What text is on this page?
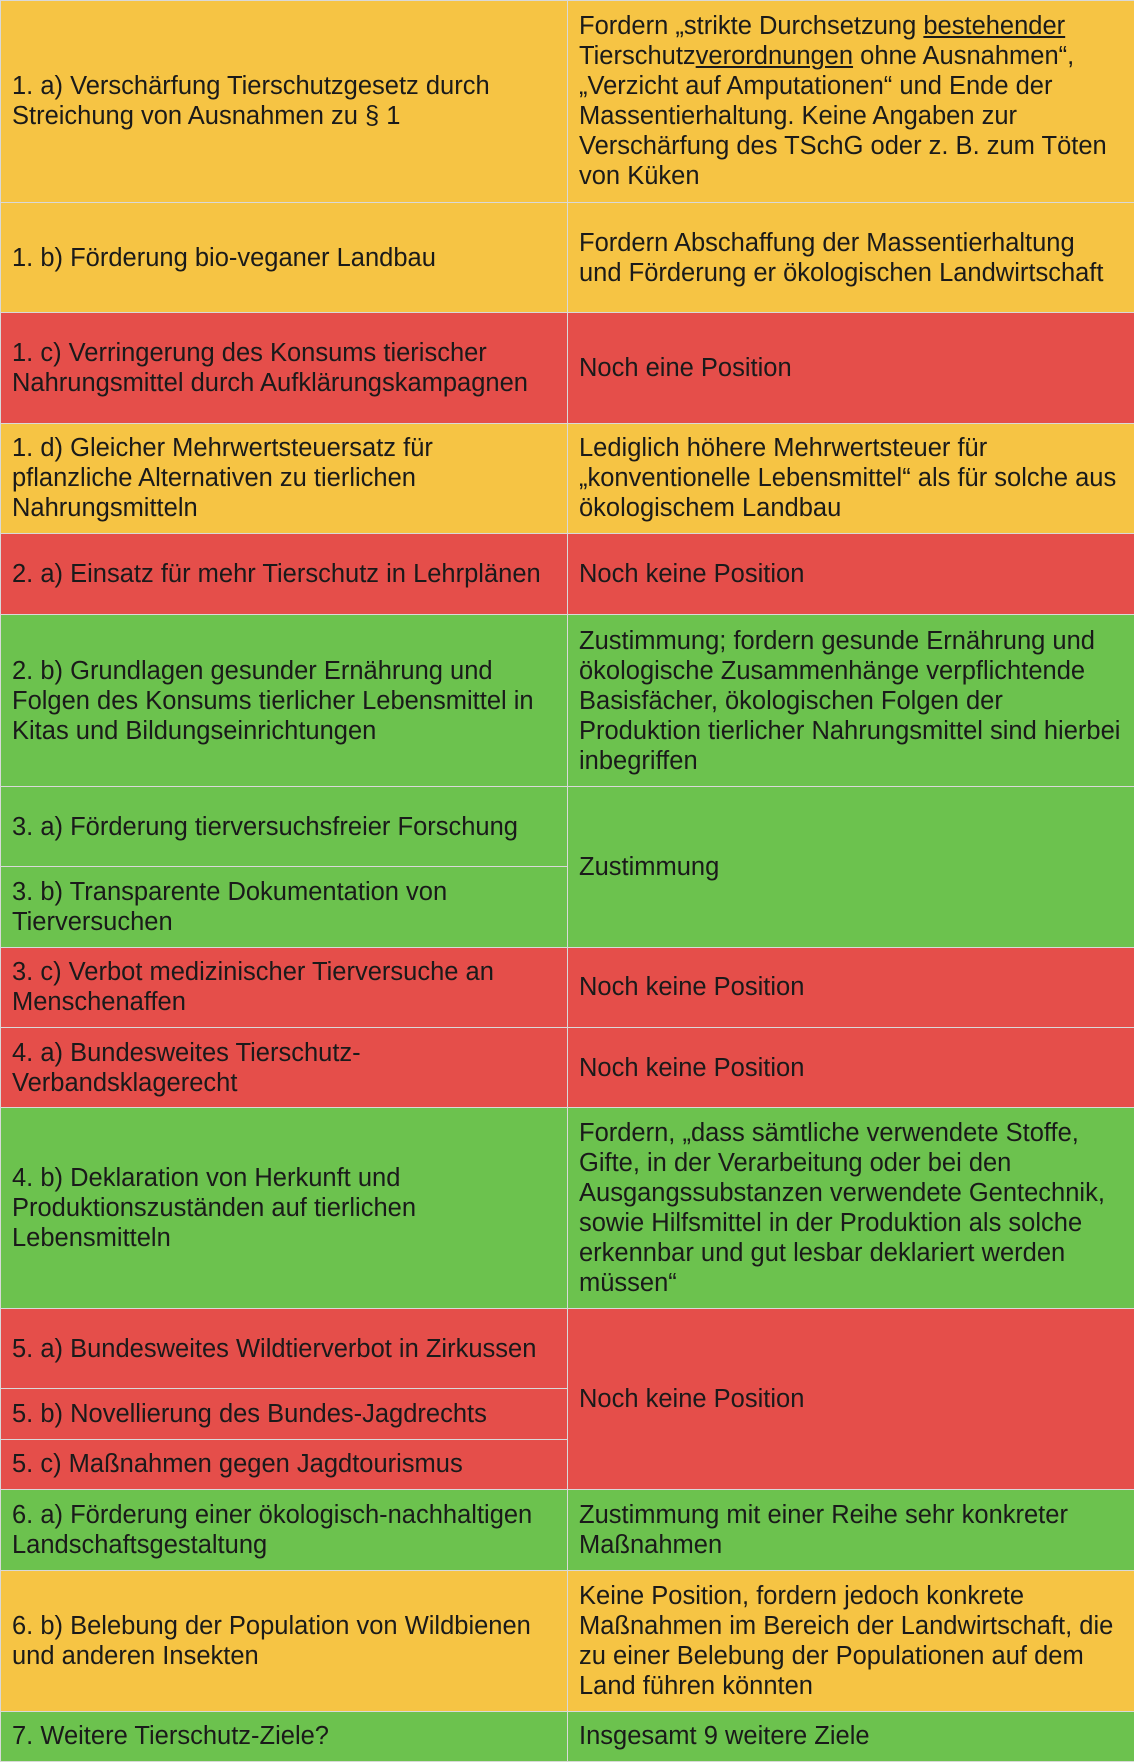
1. a) Verschärfung Tierschutzgesetz durch Streichung von Ausnahmen zu § 1	Fordern „strikte Durchsetzung bestehender Tierschutzverordnungen ohne Ausnahmen“, „Verzicht auf Amputationen“ und Ende der Massentierhaltung. Keine Angaben zur Verschärfung des TSchG oder z. B. zum Töten von Küken
1. b) Förderung bio-veganer Landbau	Fordern Abschaffung der Massentierhaltung und Förderung er ökologischen Landwirtschaft
1. c) Verringerung des Konsums tierischer Nahrungsmittel durch Aufklärungskampagnen	Noch eine Position
1. d) Gleicher Mehrwertsteuersatz für pflanzliche Alternativen zu tierlichen Nahrungsmitteln	Lediglich höhere Mehrwertsteuer für „konventionelle Lebensmittel“ als für solche aus ökologischem Landbau
2. a) Einsatz für mehr Tierschutz in Lehrplänen	Noch keine Position
2. b) Grundlagen gesunder Ernährung und Folgen des Konsums tierlicher Lebensmittel in Kitas und Bildungseinrichtungen	Zustimmung; fordern gesunde Ernährung und ökologische Zusammenhänge verpflichtende Basisfächer, ökologischen Folgen der Produktion tierlicher Nahrungsmittel sind hierbei inbegriffen
3. a) Förderung tierversuchsfreier Forschung	Zustimmung
3. b) Transparente Dokumentation von Tierversuchen	
3. c) Verbot medizinischer Tierversuche an Menschenaffen	Noch keine Position
4. a) Bundesweites Tierschutz-Verbandsklagerecht	Noch keine Position
4. b) Deklaration von Herkunft und Produktionszuständen auf tierlichen Lebensmitteln	Fordern, „dass sämtliche verwendete Stoffe, Gifte, in der Verarbeitung oder bei den Ausgangssubstanzen verwendete Gentechnik, sowie Hilfsmittel in der Produktion als solche erkennbar und gut lesbar deklariert werden müssen“
5. a) Bundesweites Wildtierverbot in Zirkussen	Noch keine Position
5. b) Novellierung des Bundes-Jagdrechts	
5. c) Maßnahmen gegen Jagdtourismus	
6. a) Förderung einer ökologisch-nachhaltigen Landschaftsgestaltung	Zustimmung mit einer Reihe sehr konkreter Maßnahmen
6. b) Belebung der Population von Wildbienen und anderen Insekten	Keine Position, fordern jedoch konkrete Maßnahmen im Bereich der Landwirtschaft, die zu einer Belebung der Populationen auf dem Land führen könnten
7. Weitere Tierschutz-Ziele?	Insgesamt 9 weitere Ziele
